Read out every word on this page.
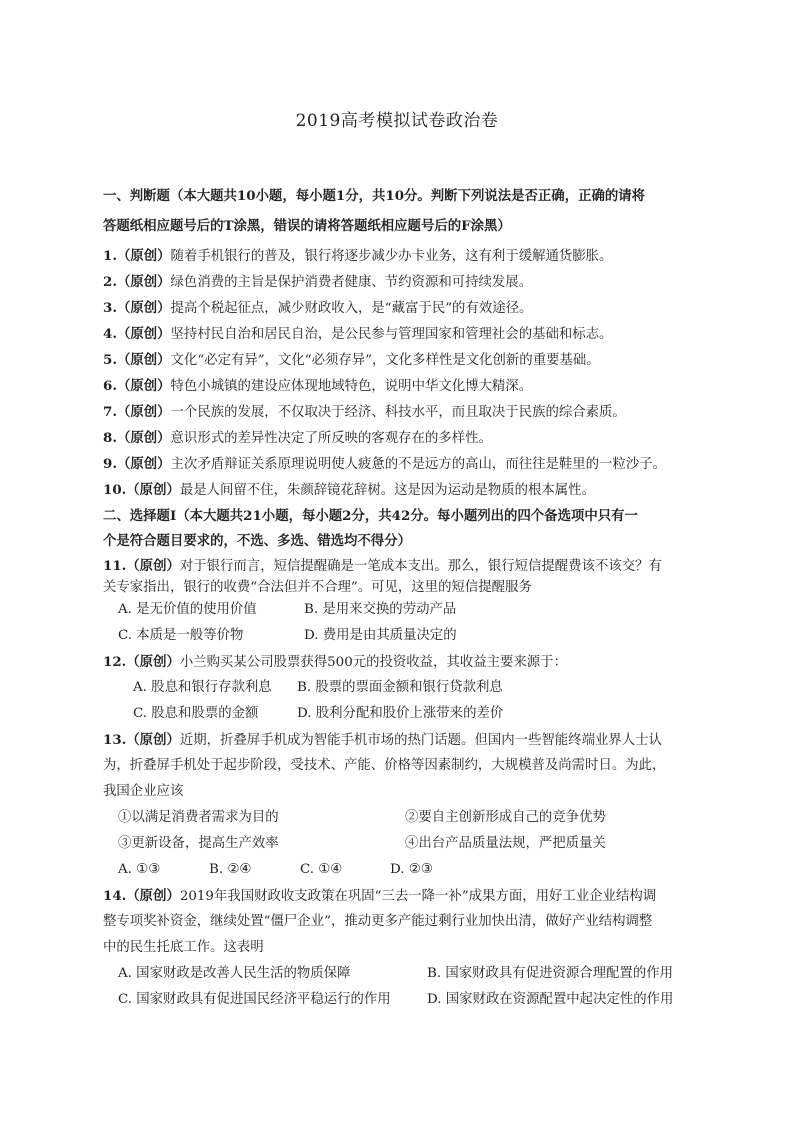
2019高考模拟试卷政治卷
一、判断题（本大题共10小题，每小题1分，共10分。判断下列说法是否正确，正确的请将
答题纸相应题号后的T涂黑，错误的请将答题纸相应题号后的F涂黑）
1.（原创）随着手机银行的普及，银行将逐步减少办卡业务，这有利于缓解通货膨胀。
2.（原创）绿色消费的主旨是保护消费者健康、节约资源和可持续发展。
3.（原创）提高个税起征点，减少财政收入，是“藏富于民”的有效途径。
4.（原创）坚持村民自治和居民自治，是公民参与管理国家和管理社会的基础和标志。
5.（原创）文化“必定有异”，文化“必须存异”，文化多样性是文化创新的重要基础。
6.（原创）特色小城镇的建设应体现地域特色，说明中华文化博大精深。
7.（原创）一个民族的发展，不仅取决于经济、科技水平，而且取决于民族的综合素质。
8.（原创）意识形式的差异性决定了所反映的客观存在的多样性。
9.（原创）主次矛盾辩证关系原理说明使人疲惫的不是远方的高山，而往往是鞋里的一粒沙子。
10.（原创）最是人间留不住，朱颜辞镜花辞树。这是因为运动是物质的根本属性。
二、选择题Ⅰ（本大题共21小题，每小题2分，共42分。每小题列出的四个备选项中只有一
个是符合题目要求的，不选、多选、错选均不得分）
11.（原创）对于银行而言，短信提醒确是一笔成本支出。那么，银行短信提醒费该不该交？有
关专家指出，银行的收费“合法但并不合理”。可见，这里的短信提醒服务
A. 是无价值的使用价值	B. 是用来交换的劳动产品
C. 本质是一般等价物	D. 费用是由其质量决定的
12.（原创）小兰购买某公司股票获得500元的投资收益，其收益主要来源于：
A. 股息和银行存款利息 B. 股票的票面金额和银行贷款利息
C. 股息和股票的金额	D. 股利分配和股价上涨带来的差价
13.（原创）近期，折叠屏手机成为智能手机市场的热门话题。但国内一些智能终端业界人士认
为，折叠屏手机处于起步阶段，受技术、产能、价格等因素制约，大规模普及尚需时日。为此，
我国企业应该
①以满足消费者需求为目的	②要自主创新形成自己的竞争优势
③更新设备，提高生产效率	④出台产品质量法规，严把质量关
A. ①③	B. ②④	C. ①④	D. ②③
14.（原创）2019年我国财政收支政策在巩固“三去一降一补”成果方面，用好工业企业结构调
整专项奖补资金，继续处置“僵尸企业”，推动更多产能过剩行业加快出清，做好产业结构调整
中的民生托底工作。这表明
A. 国家财政是改善人民生活的物质保障	B. 国家财政具有促进资源合理配置的作用
C. 国家财政具有促进国民经济平稳运行的作用	D. 国家财政在资源配置中起决定性的作用
